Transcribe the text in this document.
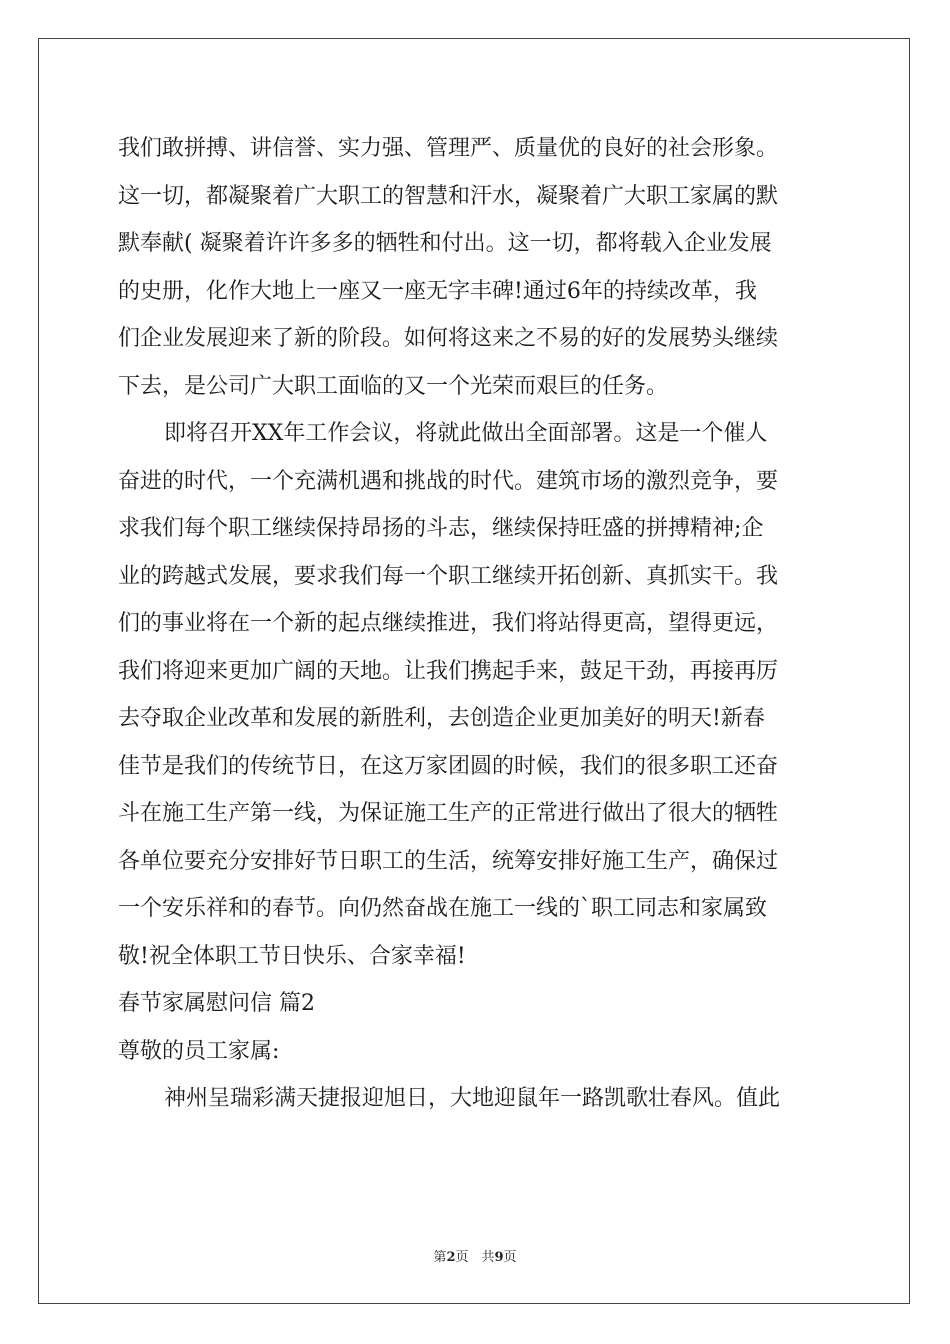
我们敢拼搏、讲信誉、实力强、管理严、质量优的良好的社会形象。
这一切，都凝聚着广大职工的智慧和汗水，凝聚着广大职工家属的默
默奉献( 凝聚着许许多多的牺牲和付出。这一切，都将载入企业发展
的史册，化作大地上一座又一座无字丰碑!通过6年的持续改革，我
们企业发展迎来了新的阶段。如何将这来之不易的好的发展势头继续
下去，是公司广大职工面临的又一个光荣而艰巨的任务。
即将召开XX年工作会议，将就此做出全面部署。这是一个催人
奋进的时代，一个充满机遇和挑战的时代。建筑市场的激烈竞争，要
求我们每个职工继续保持昂扬的斗志，继续保持旺盛的拼搏精神;企
业的跨越式发展，要求我们每一个职工继续开拓创新、真抓实干。我
们的事业将在一个新的起点继续推进，我们将站得更高，望得更远，
我们将迎来更加广阔的天地。让我们携起手来，鼓足干劲，再接再厉
去夺取企业改革和发展的新胜利，去创造企业更加美好的明天!新春
佳节是我们的传统节日，在这万家团圆的时候，我们的很多职工还奋
斗在施工生产第一线，为保证施工生产的正常进行做出了很大的牺牲
各单位要充分安排好节日职工的生活，统筹安排好施工生产，确保过
一个安乐祥和的春节。向仍然奋战在施工一线的`职工同志和家属致
敬!祝全体职工节日快乐、合家幸福!
春节家属慰问信 篇2
尊敬的员工家属:
神州呈瑞彩满天捷报迎旭日，大地迎鼠年一路凯歌壮春风。值此
第2页　共9页
